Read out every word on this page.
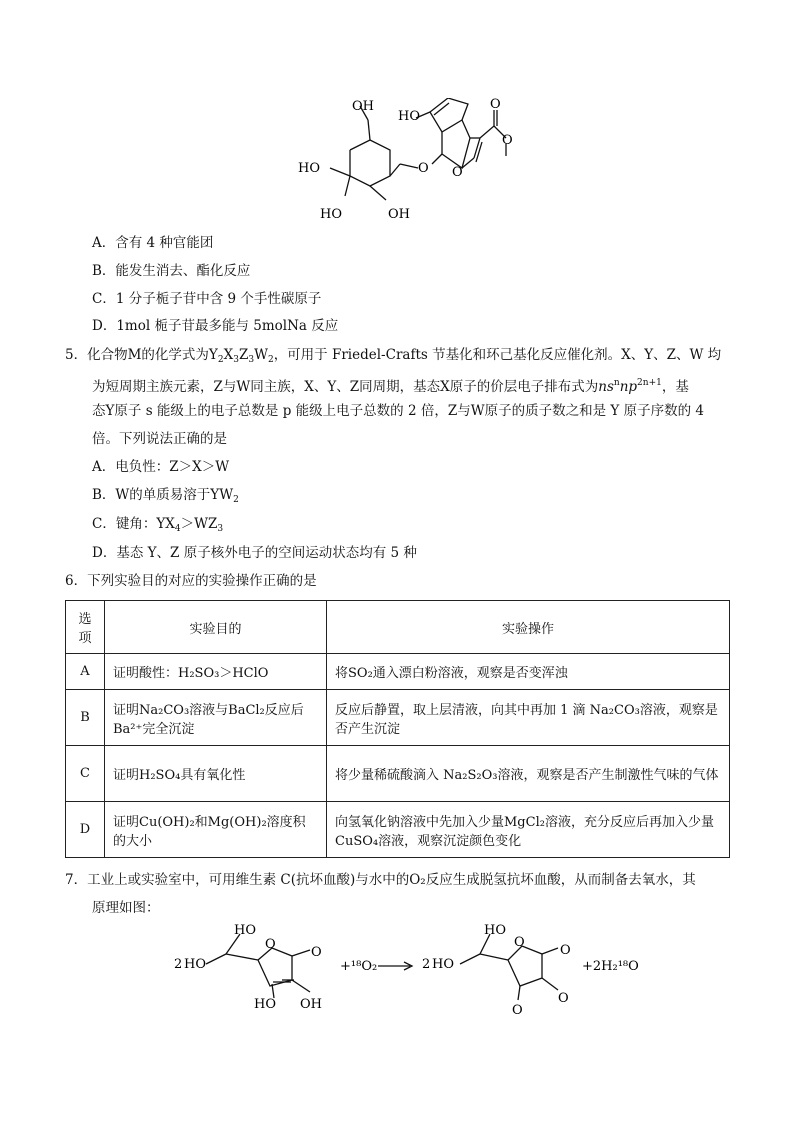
OH
HO
HO	O O
HO	OH
O
O
A．含有 4 种官能团
B．能发生消去、酯化反应
C．1 分子栀子苷中含 9 个手性碳原子
D．1mol 栀子苷最多能与 5molNa 反应
5．化合物M的化学式为$Y_2X_3Z_3W_2$，可用于 Friedel-Crafts 节基化和环己基化反应催化剂。X、Y、Z、W 均
为短周期主族元素，Z与W同主族，X、Y、Z同周期，基态X原子的价层电子排布式为$ns^nnp^{2n+1}$，基
态Y原子 s 能级上的电子总数是 p 能级上电子总数的 2 倍，Z与W原子的质子数之和是 Y 原子序数的 4
倍。下列说法正确的是
A．电负性：Z＞X＞W
B．W的单质易溶于$YW_2$
C．键角：$YX_4>WZ_3$
D．基态 Y、Z 原子核外电子的空间运动状态均有 5 种
6．下列实验目的对应的实验操作正确的是
选项	实验目的	实验操作
A	证明酸性：H₂SO₃＞HClO	将SO₂通入漂白粉溶液，观察是否变浑浊
B	证明Na₂CO₃溶液与BaCl₂反应后Ba²⁺完全沉淀	反应后静置，取上层清液，向其中再加 1 滴 Na₂CO₃溶液，观察是否产生沉淀
C	证明H₂SO₄具有氧化性	将少量稀硫酸滴入 Na₂S₂O₃溶液，观察是否产生制激性气味的气体
D	证明Cu(OH)₂和Mg(OH)₂溶度积的大小	向氢氧化钠溶液中先加入少量MgCl₂溶液，充分反应后再加入少量CuSO₄溶液，观察沉淀颜色变化
7．工业上或实验室中，可用维生素 C(抗坏血酸)与水中的O₂反应生成脱氢抗坏血酸，从而制备去氧水，其
原理如图：
2 HO
HO
O
O
HO OH
+¹⁸O₂	2 HO
HO
O
O
O
O
+2H₂¹⁸O
